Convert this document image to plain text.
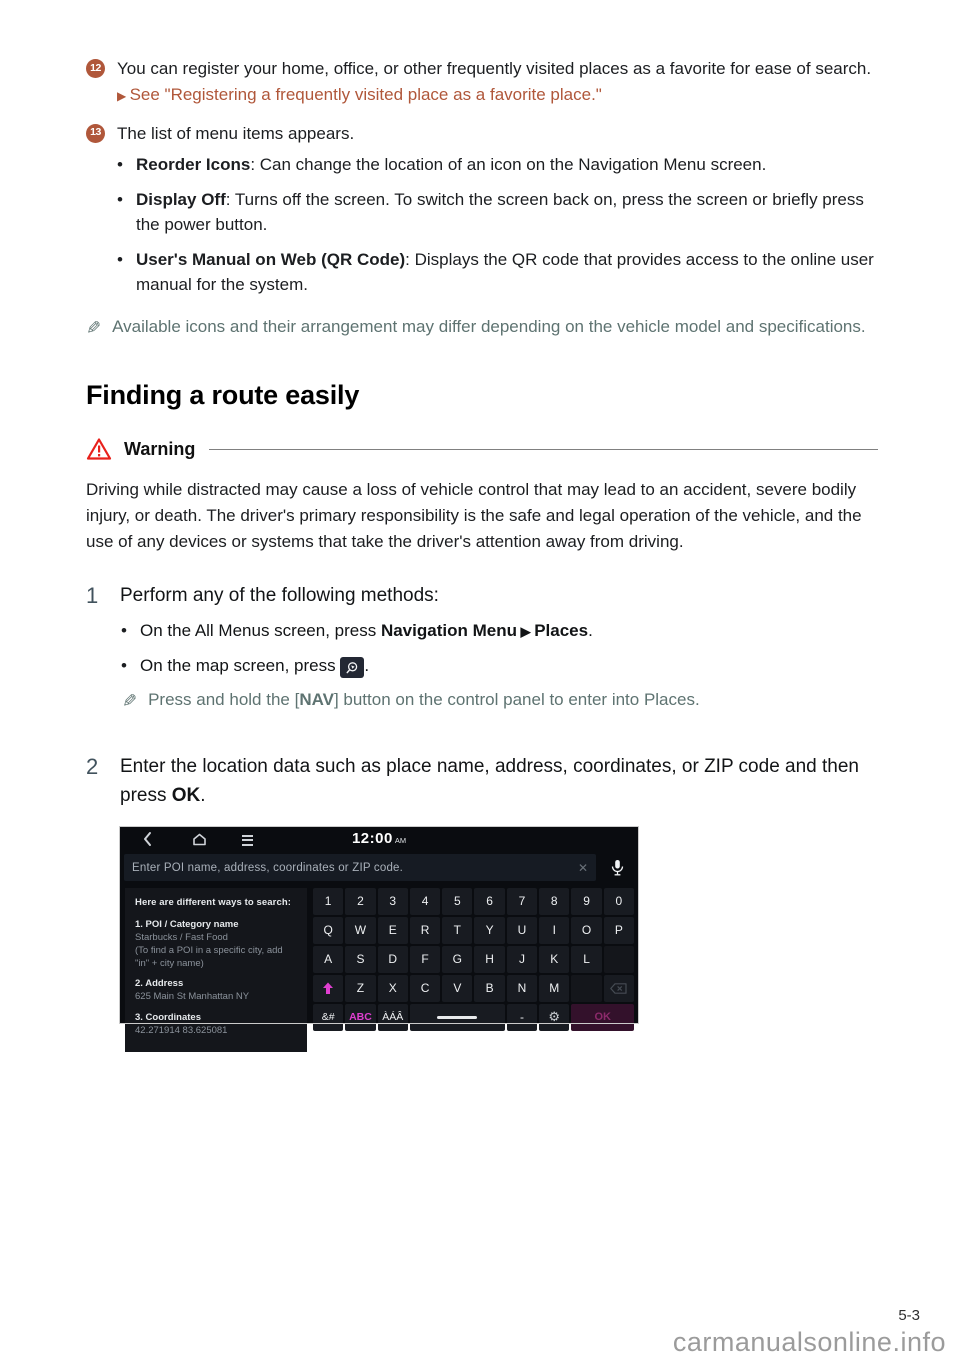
12 You can register your home, office, or other frequently visited places as a favorite for ease of search. ▶ See "Registering a frequently visited place as a favorite place."
13 The list of menu items appears.
• Reorder Icons: Can change the location of an icon on the Navigation Menu screen.
• Display Off: Turns off the screen. To switch the screen back on, press the screen or briefly press the power button.
• User's Manual on Web (QR Code): Displays the QR code that provides access to the online user manual for the system.
✎ Available icons and their arrangement may differ depending on the vehicle model and specifications.
Finding a route easily
Warning

Driving while distracted may cause a loss of vehicle control that may lead to an accident, severe bodily injury, or death. The driver's primary responsibility is the safe and legal operation of the vehicle, and the use of any devices or systems that take the driver's attention away from driving.

1	Perform any of the following methods:
• On the All Menus screen, press Navigation Menu ▶ Places.
• On the map screen, press
.
✎ Press and hold the [NAV] button on the control panel to enter into Places.
2	Enter the location data such as place name, address, coordinates, or ZIP code and then press OK.
12:00 AM
Enter POI name, address, coordinates or ZIP code.	✕
Here are different ways to search:
1. POI / Category name
Starbucks / Fast Food
(To find a POI in a specific city, add
"in" + city name)
2. Address
625 Main St Manhattan NY
3. Coordinates
42.271914 83.625081
1	2	3	4	5	6	7	8	9	0
Q	W	E	R	T	Y	U	I	O	P
A	S	D	F	G	H	J	K	L
Z	X	C	V	B	N	M
&#	ABC ÀÁÂ	-	⚙	OK
5-3
carmanualsonline.info
